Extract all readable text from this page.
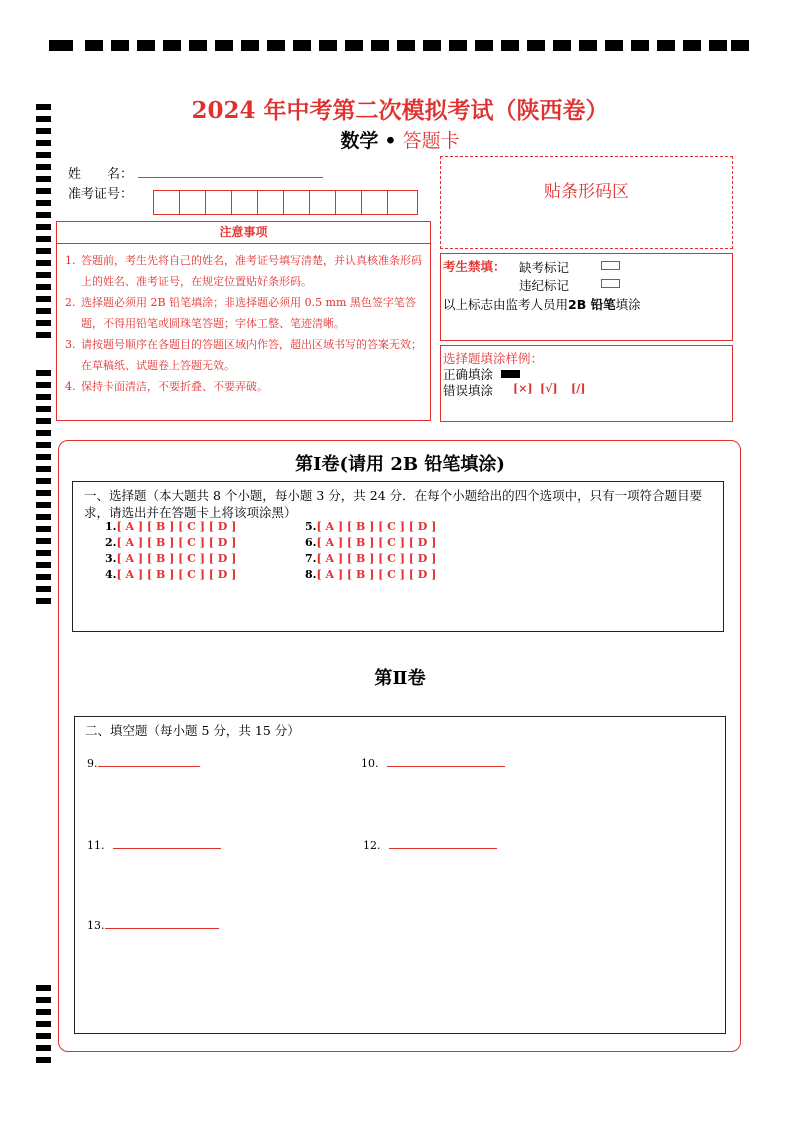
2024 年中考第二次模拟考试（陕西卷）
数学 • 答题卡
姓　　名：
准考证号：	贴条形码区
注意事项
1. 答题前，考生先将自己的姓名，准考证号填写清楚，并认真核准条形码上的姓名、准考证号，在规定位置贴好条形码。
2. 选择题必须用 2B 铅笔填涂；非选择题必须用 0.5 mm 黑色签字笔答题，不得用铅笔或圆珠笔答题；字体工整、笔迹清晰。
3. 请按题号顺序在各题目的答题区域内作答，超出区域书写的答案无效；在草稿纸、试题卷上答题无效。
4. 保持卡面清洁，不要折叠、不要弄破。
考生禁填： 缺考标记
违纪标记
以上标志由监考人员用2B 铅笔填涂
选择题填涂样例：
正确填涂
错误填涂 [×] [√] [/]
第Ⅰ卷(请用 2B 铅笔填涂)
一、选择题（本大题共 8 个小题，每小题 3 分，共 24 分．在每个小题给出的四个选项中，只有一项符合题目要求，请选出并在答题卡上将该项涂黑）
1.[ A ] [ B ] [ C ] [ D ]
2.[ A ] [ B ] [ C ] [ D ]
3.[ A ] [ B ] [ C ] [ D ]
4.[ A ] [ B ] [ C ] [ D ]
5.[ A ] [ B ] [ C ] [ D ]
6.[ A ] [ B ] [ C ] [ D ]
7.[ A ] [ B ] [ C ] [ D ]
8.[ A ] [ B ] [ C ] [ D ]
第Ⅱ卷
二、填空题（每小题 5 分，共 15 分）
9.	10.
11.	12.
13.
